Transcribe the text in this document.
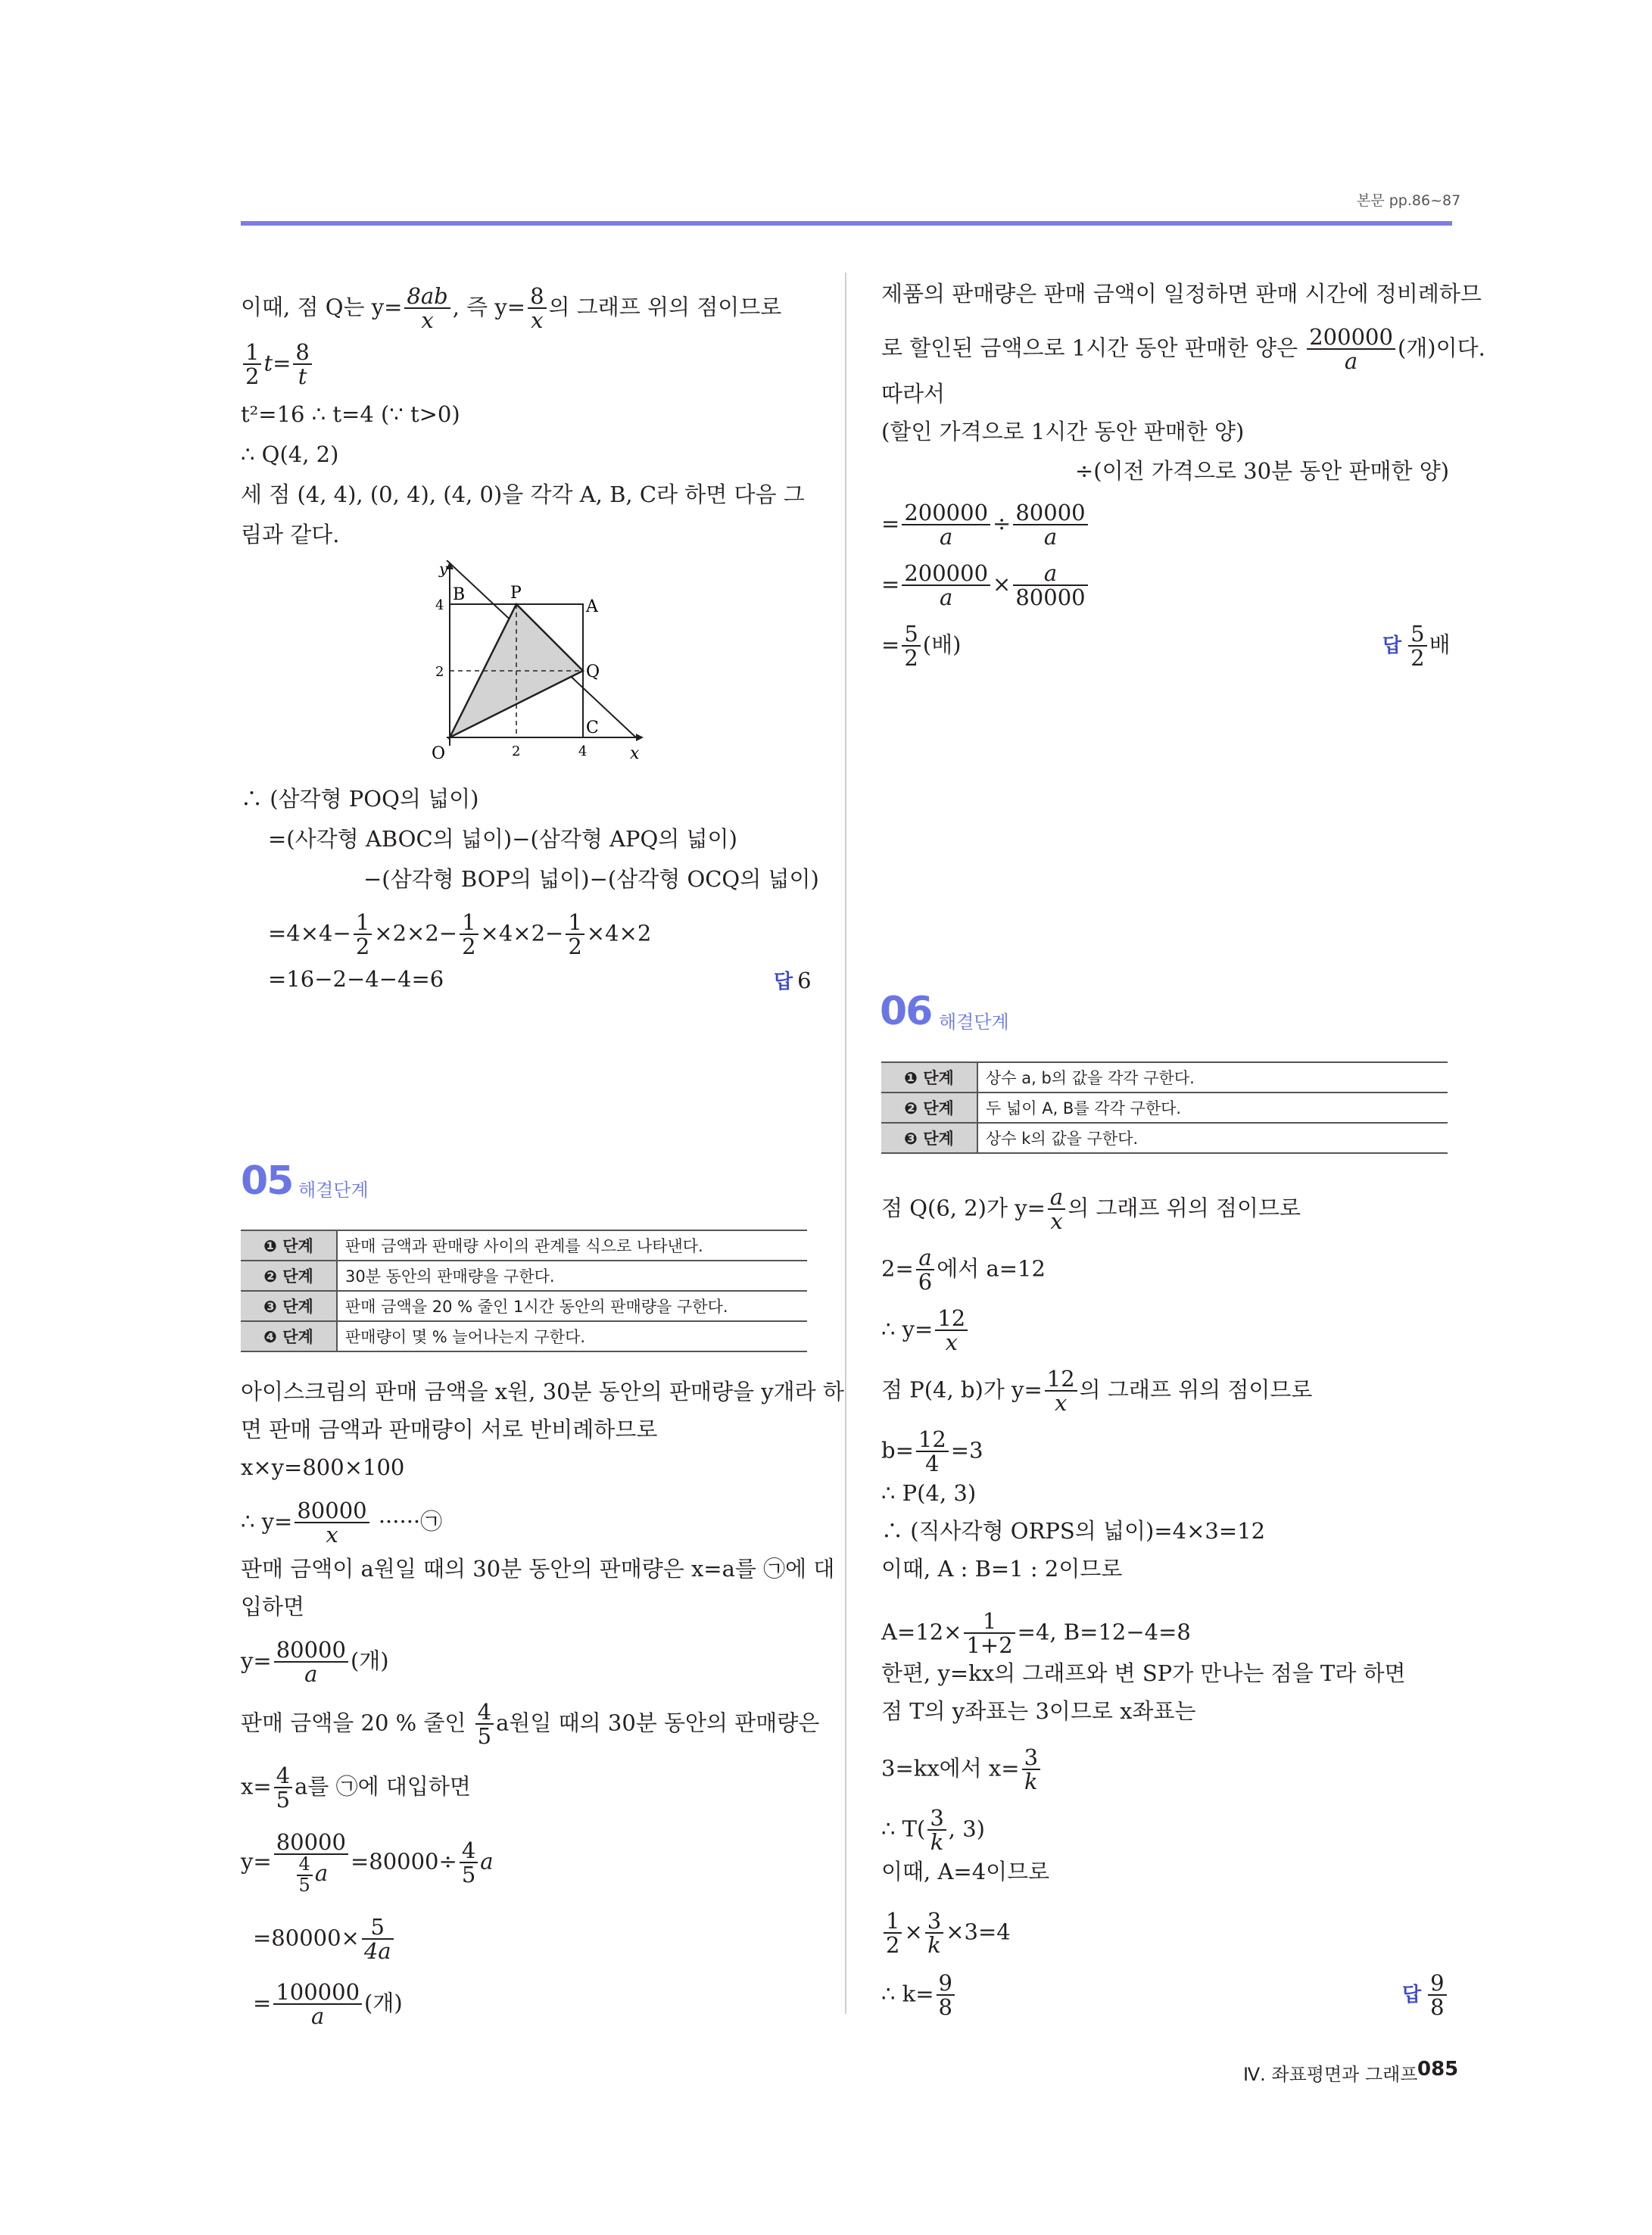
본문 pp.86~87
이때, 점 Q는 $y= \frac{8ab}{x}$ , 즉 $y= \frac{8}{x}$ 의 그래프 위의 점이므로
$\frac{1}{2} t= \frac{8}{t}$
t²=16 ∴ t=4 (∵ t>0)
∴ Q(4, 2)
세 점 (4, 4), (0, 4), (4, 0)을 각각 A, B, C라 하면 다음 그
림과 같다.
y
x
O
B	P
A
Q
C
4
2
2	4
∴ (삼각형 POQ의 넓이)
=(사각형 ABOC의 넓이)−(삼각형 APQ의 넓이)
−(삼각형 BOP의 넓이)−(삼각형 OCQ의 넓이)
$=4\times 4- \frac{1}{2} \times 2\times 2- \frac{1}{2} \times 4\times 2- \frac{1}{2} \times 4\times 2$
=16−2−4−4=6	답 6
05 해결단계
❶ 단계	판매 금액과 판매량 사이의 관계를 식으로 나타낸다.
❷ 단계	30분 동안의 판매량을 구한다.
❸ 단계	판매 금액을 20 % 줄인 1시간 동안의 판매량을 구한다.
❹ 단계	판매량이 몇 % 늘어나는지 구한다.
아이스크림의 판매 금액을 x원, 30분 동안의 판매량을 y개라 하
면 판매 금액과 판매량이 서로 반비례하므로
x×y=800×100
∴ $y= \frac{80000}{x}$ ······㉠
판매 금액이 a원일 때의 30분 동안의 판매량은 x=a를 ㉠에 대
입하면
$y= \frac{80000}{a}$ (개)
판매 금액을 20 % 줄인 $\frac{4}{5}$ a원일 때의 30분 동안의 판매량은
$x= \frac{4}{5}$ a를 ㉠에 대입하면
$y= \frac{80000}{\frac{4}{5} a} =80000\div \frac{4}{5}$ a
$=80000\times \frac{5}{4a}$
= $\frac{100000}{a}$ (개)
제품의 판매량은 판매 금액이 일정하면 판매 시간에 정비례하므
로 할인된 금액으로 1시간 동안 판매한 양은 $\frac{200000}{a}$ (개)이다.
따라서
(할인 가격으로 1시간 동안 판매한 양)
÷(이전 가격으로 30분 동안 판매한 양)
= $\frac{200000}{a} \div \frac{80000}{a}$
= $\frac{200000}{a} \times \frac{a}{80000}$
= $\frac{5}{2}$ (배)	답 $\frac{5}{2}$ 배
06 해결단계
❶ 단계	상수 a, b의 값을 각각 구한다.
❷ 단계	두 넓이 A, B를 각각 구한다.
❸ 단계	상수 k의 값을 구한다.
점 Q(6, 2)가 $y= \frac{a}{x}$ 의 그래프 위의 점이므로
$2= \frac{a}{6}$ 에서 a=12
∴ $y= \frac{12}{x}$
점 P(4, b)가 $y= \frac{12}{x}$ 의 그래프 위의 점이므로
$b= \frac{12}{4} =3$
∴ P(4, 3)
∴ (직사각형 ORPS의 넓이)=4×3=12
이때, A : B=1 : 2이므로
$A=12\times \frac{1}{1+2} =4$, B=12−4=8
한편, y=kx의 그래프와 변 SP가 만나는 점을 T라 하면
점 T의 y좌표는 3이므로 x좌표는
3=kx에서 $x= \frac{3}{k}$
∴ $T( \frac{3}{k}$ , 3)
이때, A=4이므로
$\frac{1}{2} \times \frac{3}{k} \times 3=4$
∴ $k= \frac{9}{8}$	답 $\frac{9}{8}$
Ⅳ. 좌표평면과 그래프 085
